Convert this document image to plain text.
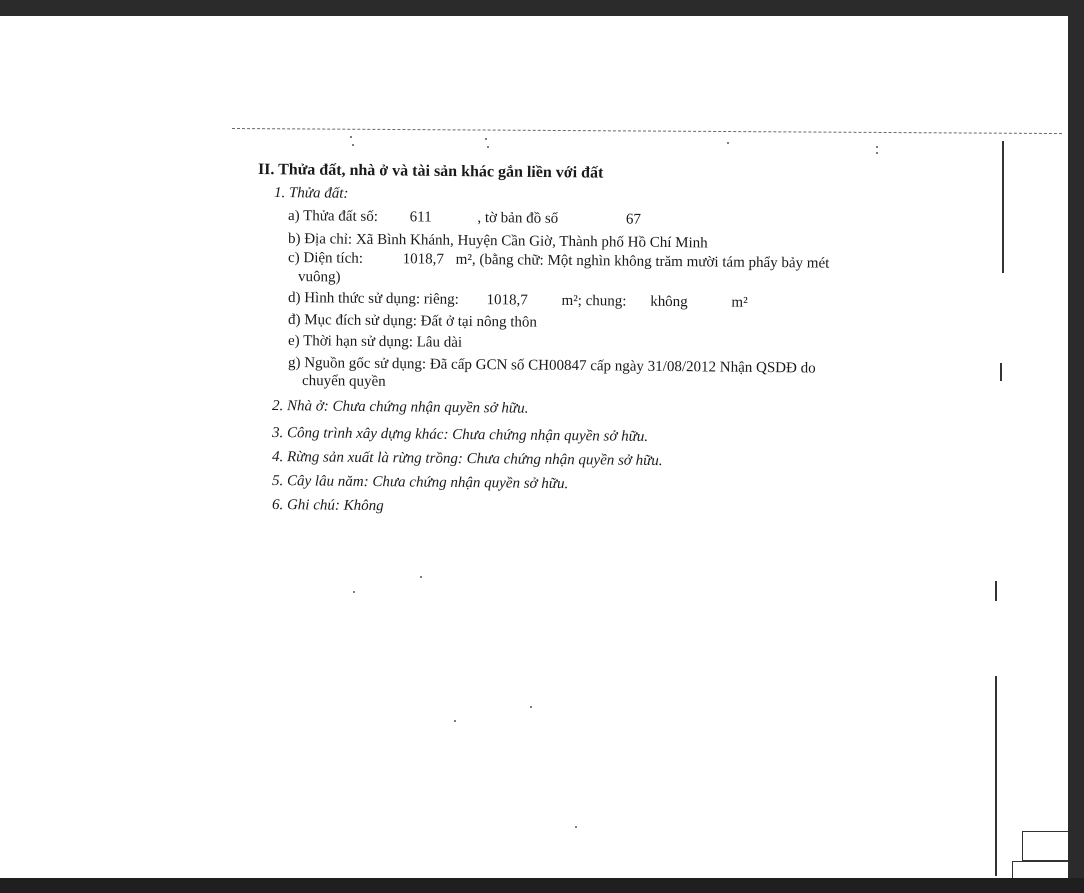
II. Thửa đất, nhà ở và tài sản khác gắn liền với đất
1. Thửa đất:
a) Thửa đất số: 611	, tờ bản đồ số	67
b) Địa chỉ: Xã Bình Khánh, Huyện Cần Giờ, Thành phố Hồ Chí Minh
c) Diện tích:	1018,7 m², (bằng chữ: Một nghìn không trăm mười tám phẩy bảy mét
vuông)
d) Hình thức sử dụng: riêng: 1018,7 m²; chung: không	m²
đ) Mục đích sử dụng: Đất ở tại nông thôn
e) Thời hạn sử dụng: Lâu dài
g) Nguồn gốc sử dụng: Đã cấp GCN số CH00847 cấp ngày 31/08/2012 Nhận QSDĐ do
chuyển quyền
2. Nhà ở: Chưa chứng nhận quyền sở hữu.
3. Công trình xây dựng khác: Chưa chứng nhận quyền sở hữu.
4. Rừng sản xuất là rừng trồng: Chưa chứng nhận quyền sở hữu.
5. Cây lâu năm: Chưa chứng nhận quyền sở hữu.
6. Ghi chú: Không
